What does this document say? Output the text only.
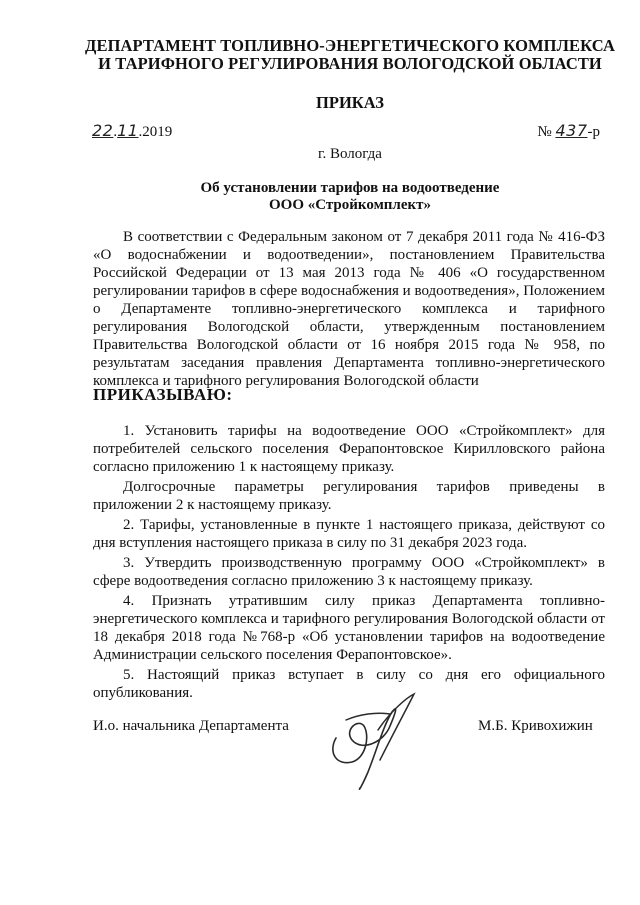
ДЕПАРТАМЕНТ ТОПЛИВНО-ЭНЕРГЕТИЧЕСКОГО КОМПЛЕКСА
И ТАРИФНОГО РЕГУЛИРОВАНИЯ ВОЛОГОДСКОЙ ОБЛАСТИ
ПРИКАЗ
22.11.2019	№ 437-р
г. Вологда
Об установлении тарифов на водоотведение
ООО «Стройкомплект»

В соответствии с Федеральным законом от 7 декабря 2011 года № 416-ФЗ «О водоснабжении и водоотведении», постановлением Правительства Российской Федерации от 13 мая 2013 года № 406 «О государственном регулировании тарифов в сфере водоснабжения и водоотведения», Положением о Департаменте топливно-энергетического комплекса и тарифного регулирования Вологодской области, утвержденным постановлением Правительства Вологодской области от 16 ноября 2015 года № 958, по результатам заседания правления Департамента топливно-энергетического комплекса и тарифного регулирования Вологодской области

ПРИКАЗЫВАЮ:

1. Установить тарифы на водоотведение ООО «Стройкомплект» для потребителей сельского поселения Ферапонтовское Кирилловского района согласно приложению 1 к настоящему приказу.

Долгосрочные параметры регулирования тарифов приведены в приложении 2 к настоящему приказу.

2. Тарифы, установленные в пункте 1 настоящего приказа, действуют со дня вступления настоящего приказа в силу по 31 декабря 2023 года.

3. Утвердить производственную программу ООО «Стройкомплект» в сфере водоотведения согласно приложению 3 к настоящему приказу.

4. Признать утратившим силу приказ Департамента топливно-энергетического комплекса и тарифного регулирования Вологодской области от 18 декабря 2018 года №768-р «Об установлении тарифов на водоотведение Администрации сельского поселения Ферапонтовское».

5. Настоящий приказ вступает в силу со дня его официального опубликования.

И.о. начальника Департамента	М.Б. Кривохижин
